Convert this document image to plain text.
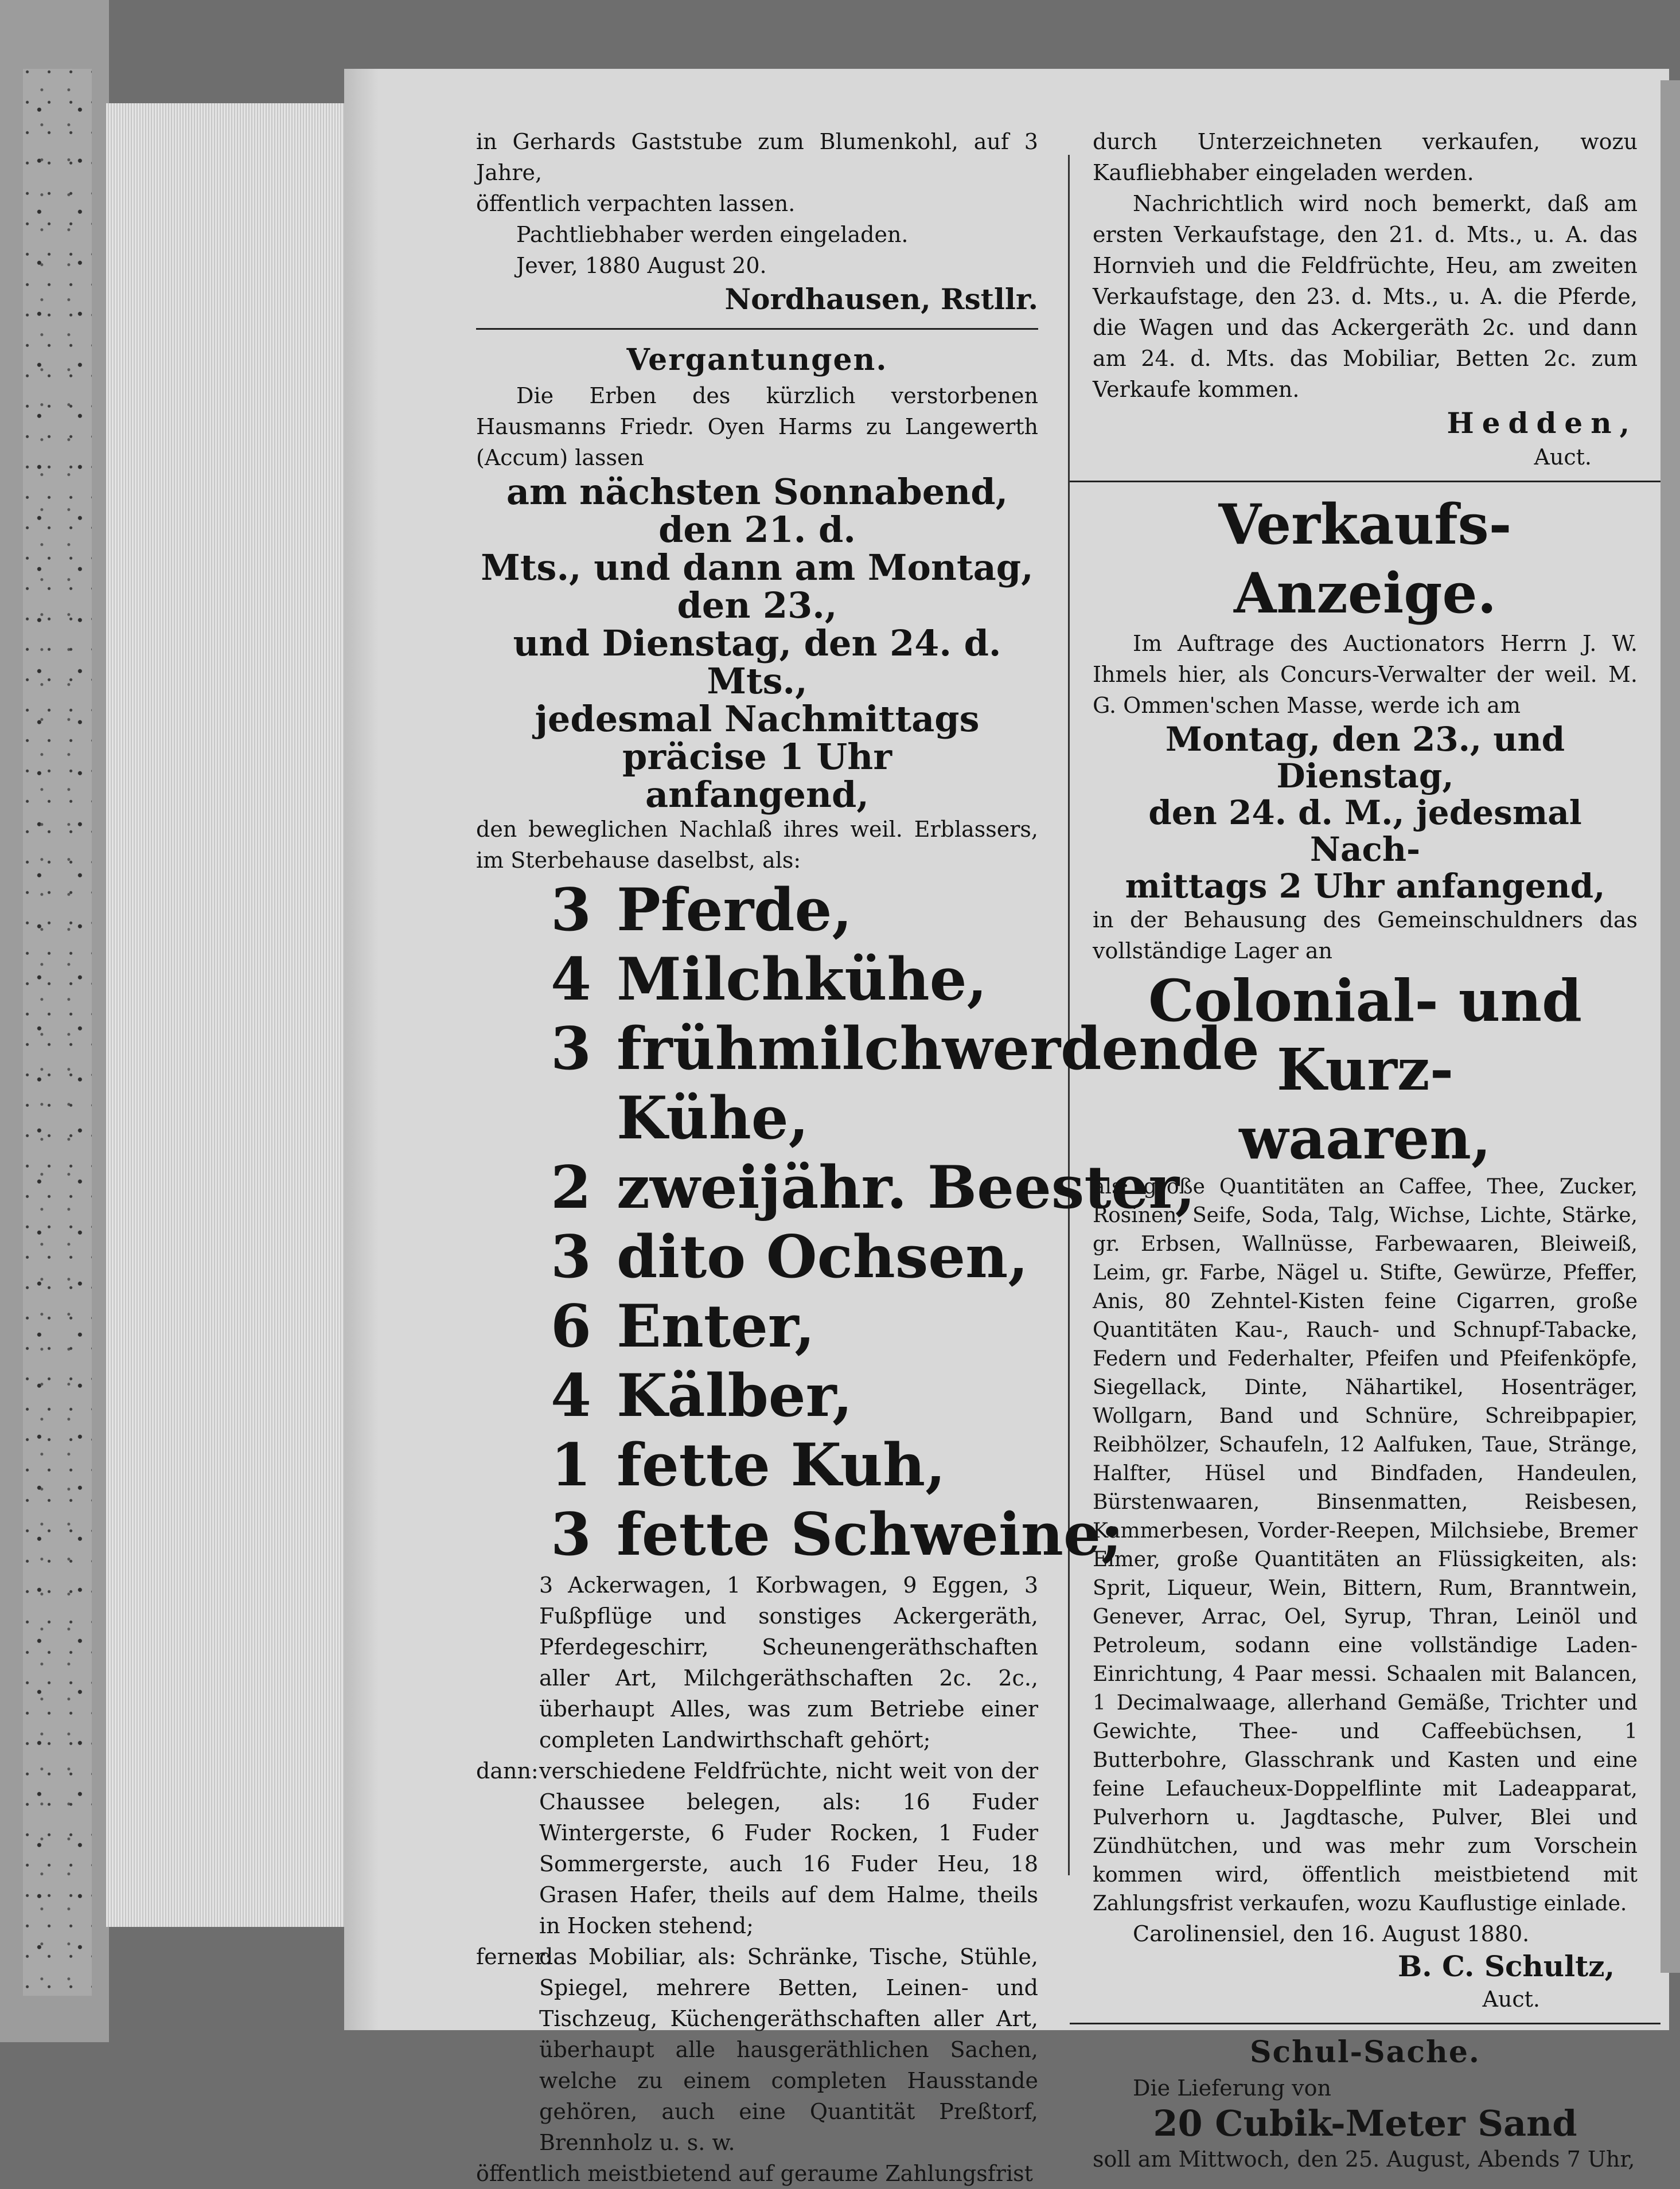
in Gerhards Gaststube zum Blumenkohl, auf 3 Jahre,

öffentlich verpachten lassen.

Pachtliebhaber werden eingeladen.

Jever, 1880 August 20.

Nordhausen, Rstllr.

Vergantungen.

Die Erben des kürzlich verstorbenen Hausmanns Friedr. Oyen Harms zu Langewerth (Accum) lassen

am nächsten Sonnabend, den 21. d.

Mts., und dann am Montag, den 23.,

und Dienstag, den 24. d. Mts.,

jedesmal Nachmittags präcise 1 Uhr

anfangend,

den beweglichen Nachlaß ihres weil. Erblassers, im Sterbehause daselbst, als:

3 Pferde,
4 Milchkühe,
3 frühmilchwerdende
Kühe,
2 zweijähr. Beester,
3 dito Ochsen,
6 Enter,
4 Kälber,
1 fette Kuh,
3 fette Schweine;

3 Ackerwagen, 1 Korbwagen, 9 Eggen, 3 Fußpflüge und sonstiges Ackergeräth, Pferdegeschirr, Scheunengeräthschaften aller Art, Milchgeräthschaften 2c. 2c., überhaupt Alles, was zum Betriebe einer completen Landwirthschaft gehört;

dann: verschiedene Feldfrüchte, nicht weit von der Chaussee belegen, als: 16 Fuder Wintergerste, 6 Fuder Rocken, 1 Fuder Sommergerste, auch 16 Fuder Heu, 18 Grasen Hafer, theils auf dem Halme, theils in Hocken stehend;
ferner:
das Mobiliar, als: Schränke, Tische, Stühle, Spiegel, mehrere Betten, Leinen- und Tischzeug, Küchengeräthschaften aller Art, überhaupt alle hausgeräthlichen Sachen, welche zu einem completen Hausstande gehören, auch eine Quantität Preßtorf, Brennholz u. s. w.

öffentlich meistbietend auf geraume Zahlungsfrist

durch Unterzeichneten verkaufen, wozu Kaufliebhaber eingeladen werden.

Nachrichtlich wird noch bemerkt, daß am ersten Verkaufstage, den 21. d. Mts., u. A. das Hornvieh und die Feldfrüchte, Heu, am zweiten Verkaufstage, den 23. d. Mts., u. A. die Pferde, die Wagen und das Ackergeräth 2c. und dann am 24. d. Mts. das Mobiliar, Betten 2c. zum Verkaufe kommen.

Hedden,

Auct.

Verkaufs-Anzeige.

Im Auftrage des Auctionators Herrn J. W. Ihmels hier, als Concurs-Verwalter der weil. M. G. Ommen'schen Masse, werde ich am

Montag, den 23., und Dienstag,

den 24. d. M., jedesmal Nach-

mittags 2 Uhr anfangend,

in der Behausung des Gemeinschuldners das vollständige Lager an

Colonial- und Kurz-

waaren,

als: große Quantitäten an Caffee, Thee, Zucker, Rosinen, Seife, Soda, Talg, Wichse, Lichte, Stärke, gr. Erbsen, Wallnüsse, Farbewaaren, Bleiweiß, Leim, gr. Farbe, Nägel u. Stifte, Gewürze, Pfeffer, Anis, 80 Zehntel-Kisten feine Cigarren, große Quantitäten Kau-, Rauch- und Schnupf-Tabacke, Federn und Federhalter, Pfeifen und Pfeifenköpfe, Siegellack, Dinte, Nähartikel, Hosenträger, Wollgarn, Band und Schnüre, Schreibpapier, Reibhölzer, Schaufeln, 12 Aalfuken, Taue, Stränge, Halfter, Hüsel und Bindfaden, Handeulen, Bürstenwaaren, Binsenmatten, Reisbesen, Kammerbesen, Vorder-Reepen, Milchsiebe, Bremer Eimer, große Quantitäten an Flüssigkeiten, als: Sprit, Liqueur, Wein, Bittern, Rum, Branntwein, Genever, Arrac, Oel, Syrup, Thran, Leinöl und Petroleum, sodann eine vollständige Laden-Einrichtung, 4 Paar messi. Schaalen mit Balancen, 1 Decimalwaage, allerhand Gemäße, Trichter und Gewichte, Thee- und Caffeebüchsen, 1 Butterbohre, Glasschrank und Kasten und eine feine Lefaucheux-Doppelflinte mit Ladeapparat, Pulverhorn u. Jagdtasche, Pulver, Blei und Zündhütchen, und was mehr zum Vorschein kommen wird, öffentlich meistbietend mit Zahlungsfrist verkaufen, wozu Kauflustige einlade.

Carolinensiel, den 16. August 1880.

B. C. Schultz,

Auct.

Schul-Sache.

Die Lieferung von

20 Cubik-Meter Sand

soll am Mittwoch, den 25. August, Abends 7 Uhr,
